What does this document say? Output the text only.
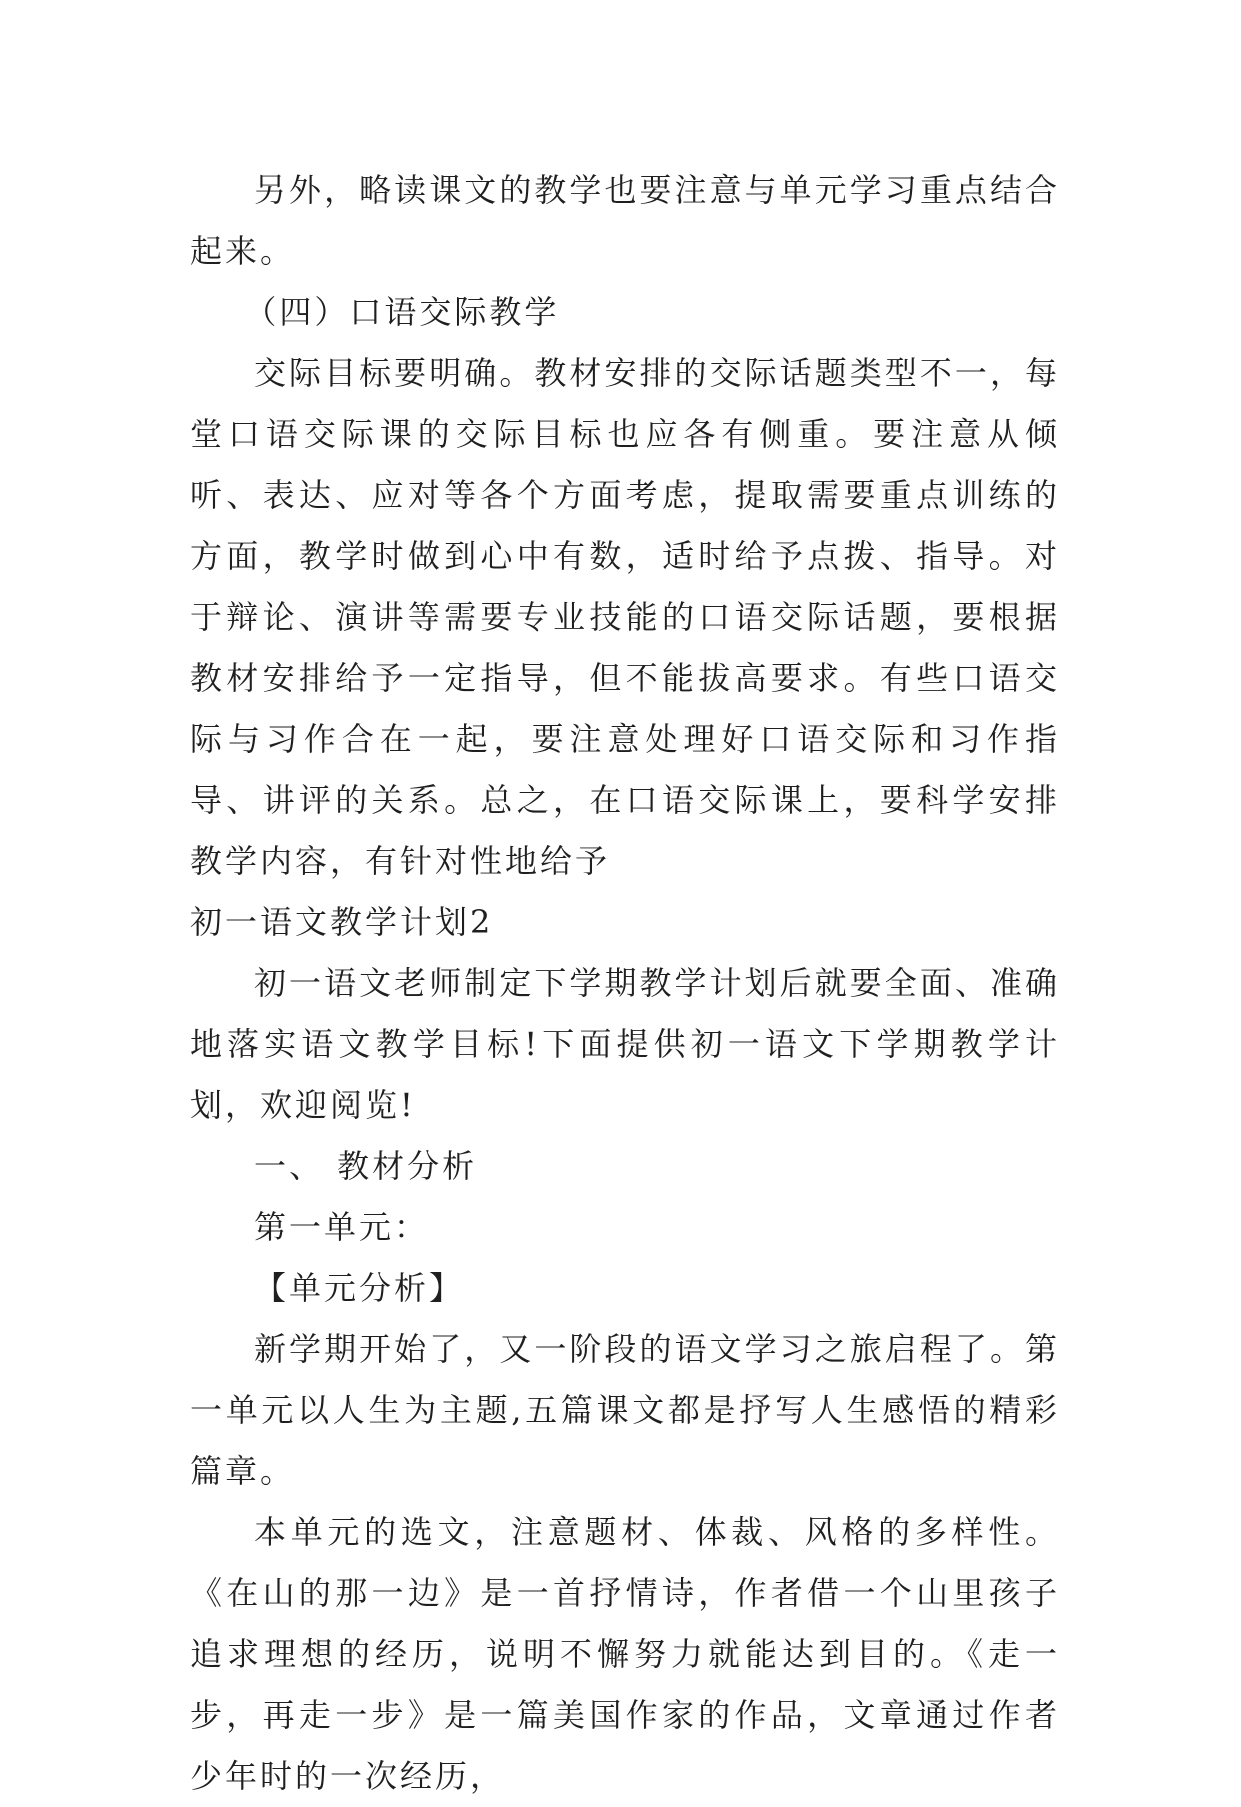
另外，略读课文的教学也要注意与单元学习重点结合起来。

（四）口语交际教学

交际目标要明确。教材安排的交际话题类型不一，每堂口语交际课的交际目标也应各有侧重。要注意从倾听、表达、应对等各个方面考虑，提取需要重点训练的方面，教学时做到心中有数，适时给予点拨、指导。对于辩论、演讲等需要专业技能的口语交际话题，要根据教材安排给予一定指导，但不能拔高要求。有些口语交际与习作合在一起，要注意处理好口语交际和习作指导、讲评的关系。总之，在口语交际课上，要科学安排教学内容，有针对性地给予

初一语文教学计划2

初一语文老师制定下学期教学计划后就要全面、准确地落实语文教学目标!下面提供初一语文下学期教学计划，欢迎阅览!

一、 教材分析

第一单元：

【单元分析】

新学期开始了，又一阶段的语文学习之旅启程了。第一单元以人生为主题,五篇课文都是抒写人生感悟的精彩篇章。

本单元的选文，注意题材、体裁、风格的多样性。《在山的那一边》是一首抒情诗，作者借一个山里孩子追求理想的经历，说明不懈努力就能达到目的。《走一步，再走一步》是一篇美国作家的作品，文章通过作者少年时的一次经历，
